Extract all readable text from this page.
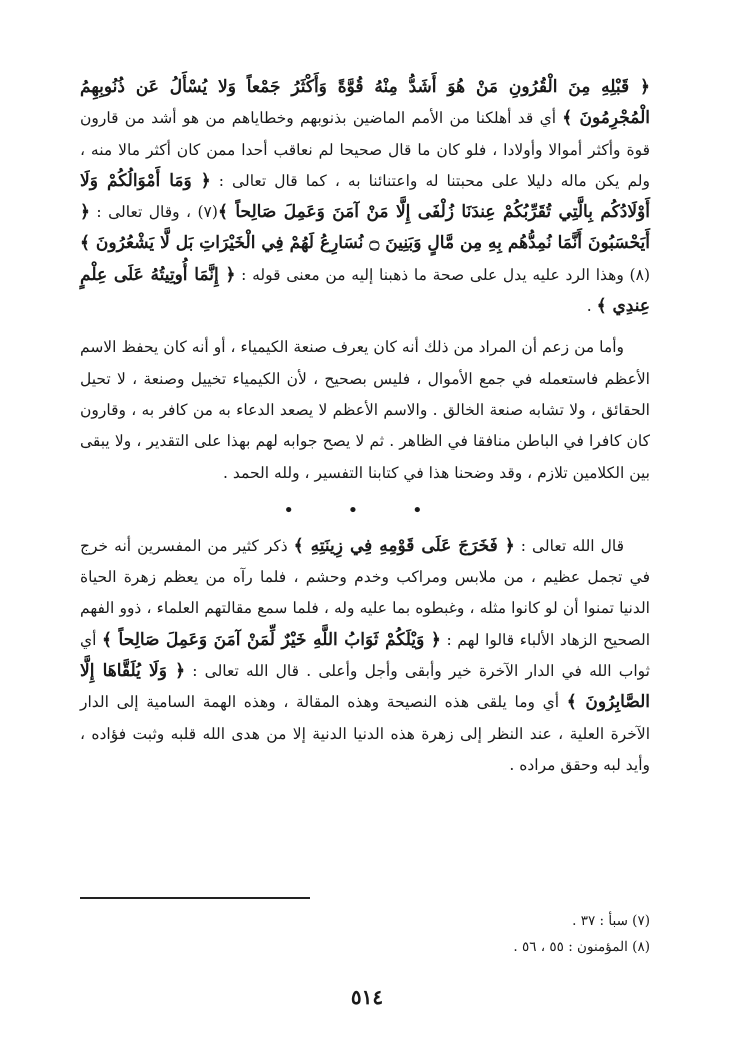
﴿ قَبْلِهِ مِنَ الْقُرُونِ مَنْ هُوَ أَشَدُّ مِنْهُ قُوَّةً وَأَكْثَرُ جَمْعاً وَلا يُسْأَلُ عَن ذُنُوبِهِمُ الْمُجْرِمُونَ ﴾ أي قد أهلكنا من الأمم الماضين بذنوبهم وخطاياهم من هو أشد من قارون قوة وأكثر أموالا وأولادا ، فلو كان ما قال صحيحا لم نعاقب أحدا ممن كان أكثر مالا منه ، ولم يكن ماله دليلا على محبتنا له واعتنائنا به ، كما قال تعالى : ﴿ وَمَا أَمْوَالُكُمْ وَلَا أَوْلَادُكُم بِالَّتِي تُقَرِّبُكُمْ عِندَنَا زُلْفَى إِلَّا مَنْ آمَنَ وَعَمِلَ صَالِحاً ﴾(٧) ، وقال تعالى : ﴿ أَيَحْسَبُونَ أَنَّمَا نُمِدُّهُم بِهِ مِن مَّالٍ وَبَنِينَ ۝ نُسَارِعُ لَهُمْ فِي الْخَيْرَاتِ بَل لَّا يَشْعُرُونَ ﴾(٨) وهذا الرد عليه يدل على صحة ما ذهبنا إليه من معنى قوله : ﴿ إِنَّمَا أُوتِيتُهُ عَلَى عِلْمٍ عِندِي ﴾ .

وأما من زعم أن المراد من ذلك أنه كان يعرف صنعة الكيمياء ، أو أنه كان يحفظ الاسم الأعظم فاستعمله في جمع الأموال ، فليس بصحيح ، لأن الكيمياء تخييل وصنعة ، لا تحيل الحقائق ، ولا تشابه صنعة الخالق . والاسم الأعظم لا يصعد الدعاء به من كافر به ، وقارون كان كافرا في الباطن منافقا في الظاهر . ثم لا يصح جوابه لهم بهذا على التقدير ، ولا يبقى بين الكلامين تلازم ، وقد وضحنا هذا في كتابنا التفسير ، ولله الحمد .

• • •

قال الله تعالى : ﴿ فَخَرَجَ عَلَى قَوْمِهِ فِي زِينَتِهِ ﴾ ذكر كثير من المفسرين أنه خرج في تجمل عظيم ، من ملابس ومراكب وخدم وحشم ، فلما رآه من يعظم زهرة الحياة الدنيا تمنوا أن لو كانوا مثله ، وغبطوه بما عليه وله ، فلما سمع مقالتهم العلماء ، ذوو الفهم الصحيح الزهاد الألباء قالوا لهم : ﴿ وَيْلَكُمْ ثَوَابُ اللَّهِ خَيْرٌ لِّمَنْ آمَنَ وَعَمِلَ صَالِحاً ﴾ أي ثواب الله في الدار الآخرة خير وأبقى وأجل وأعلى . قال الله تعالى : ﴿ وَلَا يُلَقَّاهَا إِلَّا الصَّابِرُونَ ﴾ أي وما يلقى هذه النصيحة وهذه المقالة ، وهذه الهمة السامية إلى الدار الآخرة العلية ، عند النظر إلى زهرة هذه الدنيا الدنية إلا من هدى الله قلبه وثبت فؤاده ، وأيد لبه وحقق مراده .

(٧) سبأ : ٣٧ .
(٨) المؤمنون : ٥٥ ، ٥٦ .
٥١٤
